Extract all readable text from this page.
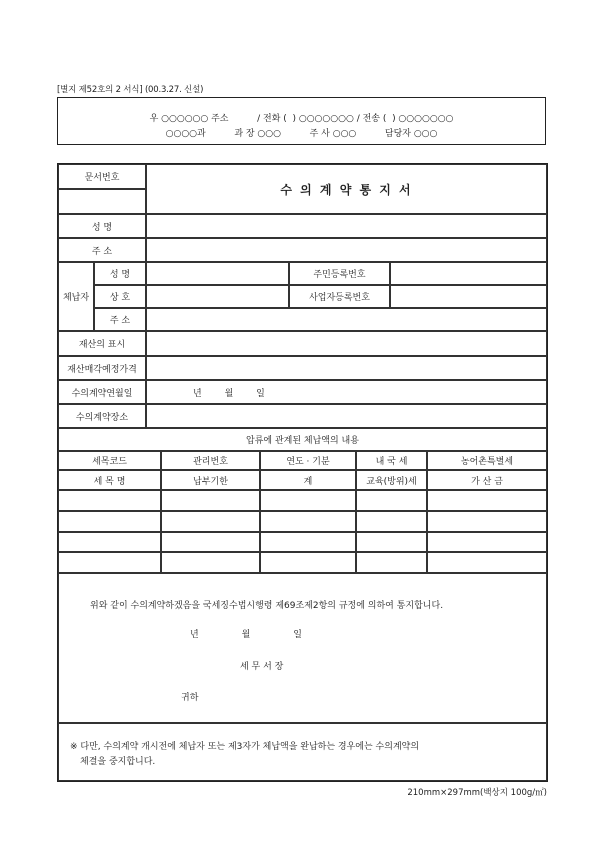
[별지 제52호의 2 서식] (00.3.27. 신설)
우 ○○○○○○ 주소          / 전화 (  ) ○○○○○○○ / 전송 (  ) ○○○○○○○
○○○○과          과 장 ○○○          주 사 ○○○          담당자 ○○○
문서번호
수 의 계 약 통 지 서
성 명
주 소
체납자
성 명	주민등록번호
상 호	사업자등록번호
주 소
재산의 표시
재산매각예정가격
수의계약연월일	년        월        일
수의계약장소
압류에 관계된 체납액의 내용
세목코드	관리번호	연도 · 기분	내 국 세	농어촌특별세
세 목 명	납부기한	계	교육(방위)세	가 산 금
위와 같이 수의계약하겠음을 국세징수법시행령 제69조제2항의 규정에 의하여 통지합니다.
년               월               일
세 무 서 장
귀하
※ 다만, 수의계약 개시전에 체납자 또는 제3자가 체납액을 완납하는 경우에는 수의계약의
체결을 중지합니다.
210mm×297mm(백상지 100g/㎡)
